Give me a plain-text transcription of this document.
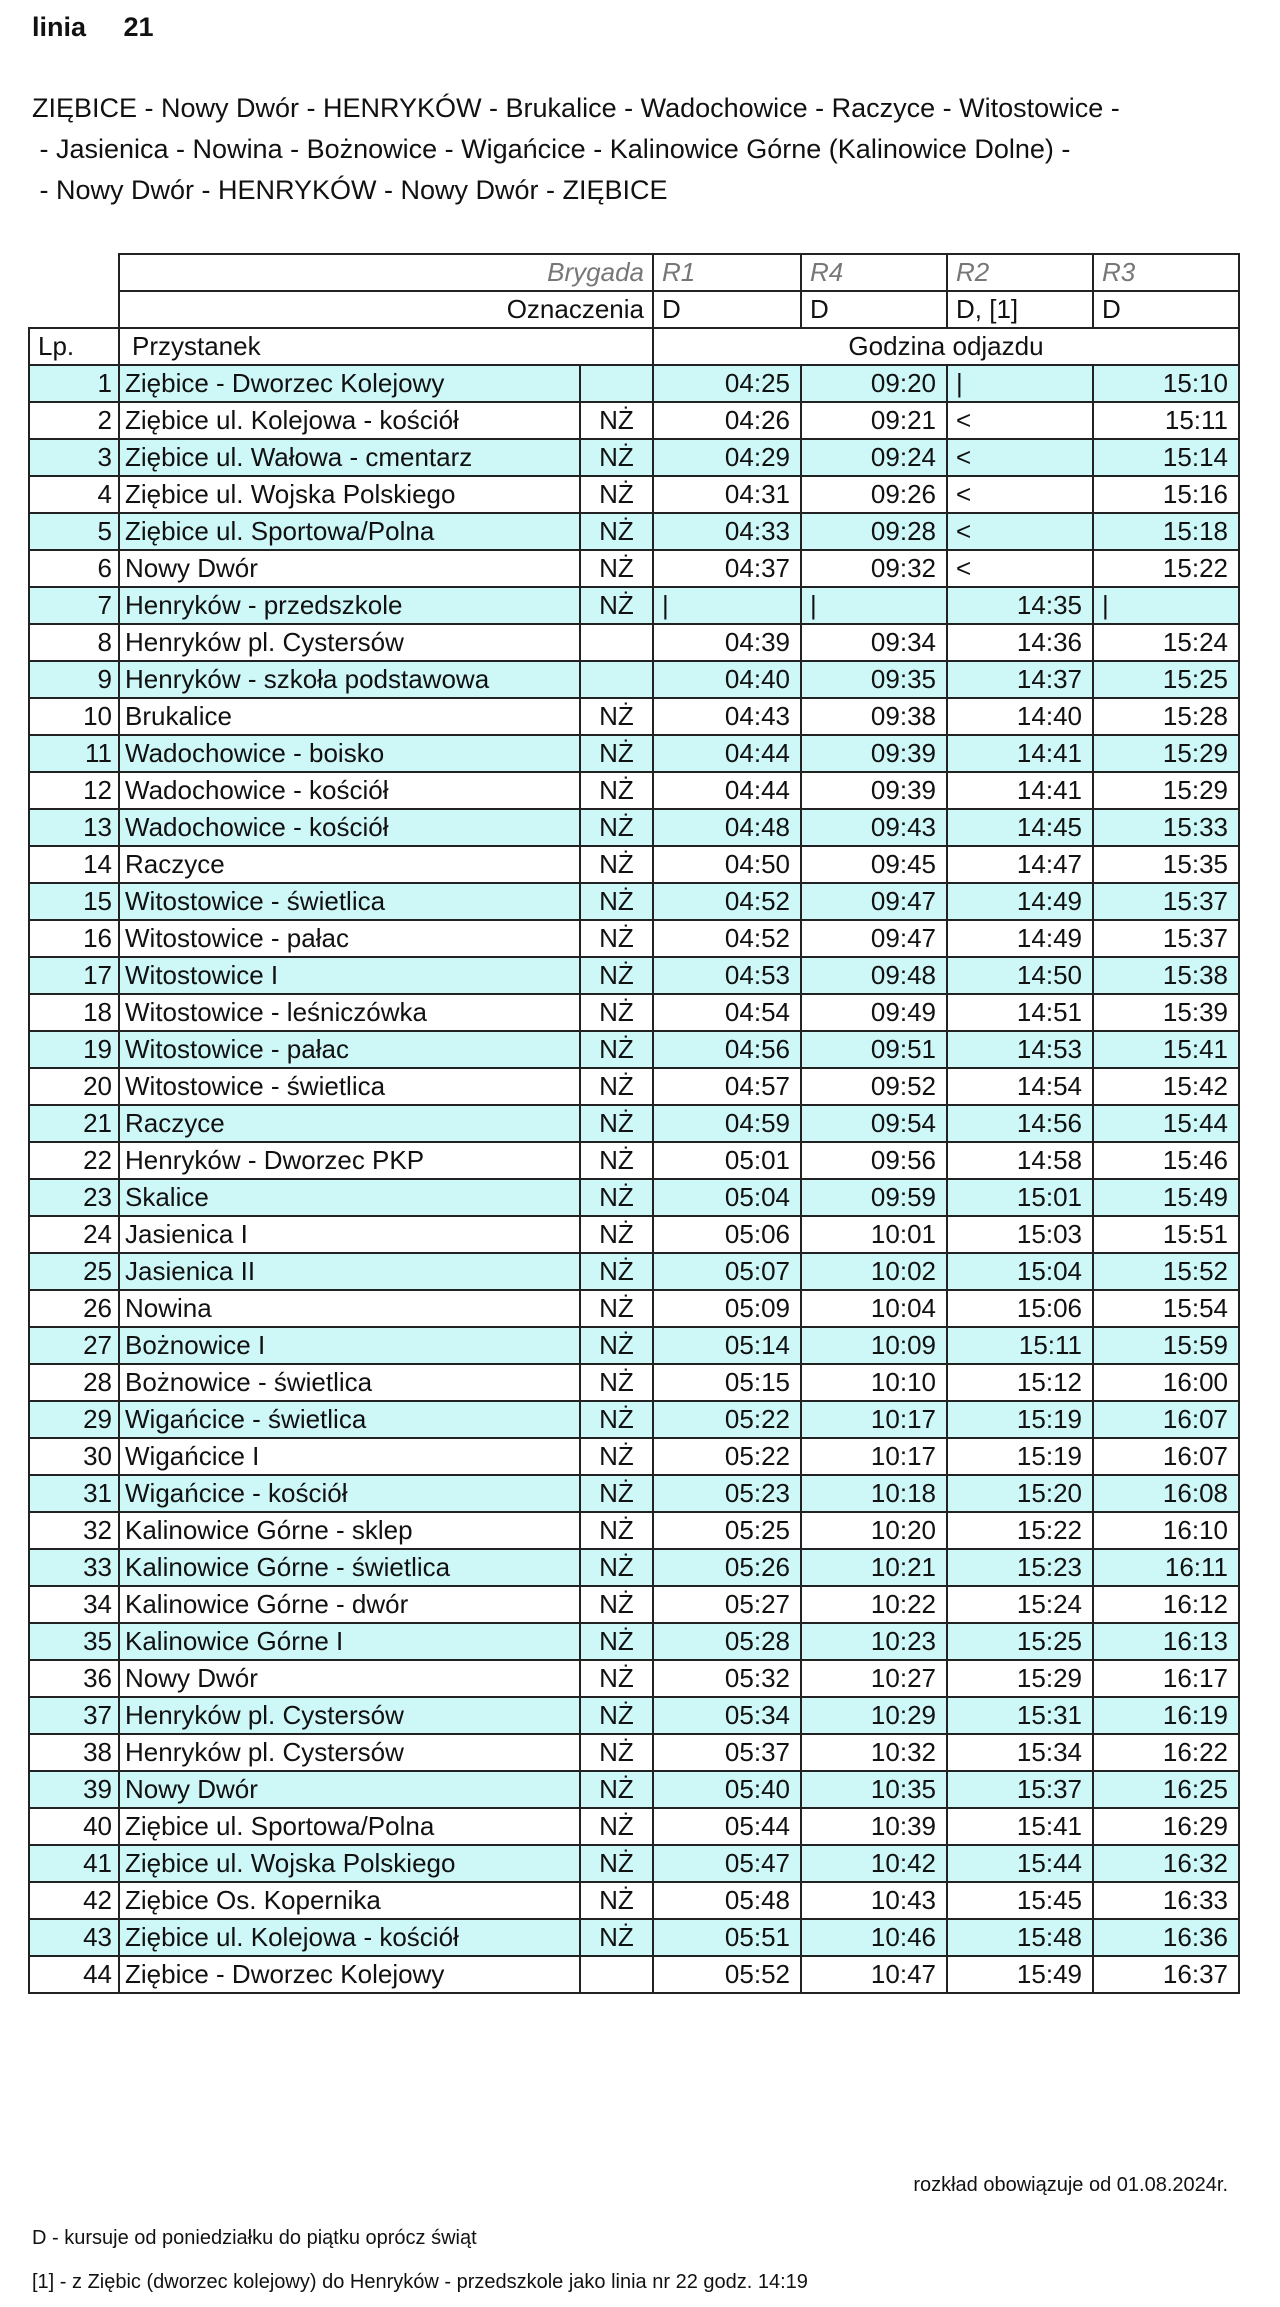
linia 21
ZIĘBICE - Nowy Dwór - HENRYKÓW - Brukalice - Wadochowice - Raczyce - Witostowice -
- Jasienica - Nowina - Bożnowice - Wigańcice - Kalinowice Górne (Kalinowice Dolne) -
- Nowy Dwór - HENRYKÓW - Nowy Dwór - ZIĘBICE
	Brygada		R1	R4	R2	R3
	Oznaczenia		D	D	D, [1]	D
Lp.	Przystanek		Godzina odjazdu			
1	Ziębice - Dworzec Kolejowy		04:25	09:20	|	15:10
2	Ziębice ul. Kolejowa - kościół	NŻ	04:26	09:21	<	15:11
3	Ziębice ul. Wałowa - cmentarz	NŻ	04:29	09:24	<	15:14
4	Ziębice ul. Wojska Polskiego	NŻ	04:31	09:26	<	15:16
5	Ziębice ul. Sportowa/Polna	NŻ	04:33	09:28	<	15:18
6	Nowy Dwór	NŻ	04:37	09:32	<	15:22
7	Henryków - przedszkole	NŻ	|	|	14:35	|
8	Henryków pl. Cystersów		04:39	09:34	14:36	15:24
9	Henryków - szkoła podstawowa		04:40	09:35	14:37	15:25
10	Brukalice	NŻ	04:43	09:38	14:40	15:28
11	Wadochowice - boisko	NŻ	04:44	09:39	14:41	15:29
12	Wadochowice - kościół	NŻ	04:44	09:39	14:41	15:29
13	Wadochowice - kościół	NŻ	04:48	09:43	14:45	15:33
14	Raczyce	NŻ	04:50	09:45	14:47	15:35
15	Witostowice - świetlica	NŻ	04:52	09:47	14:49	15:37
16	Witostowice - pałac	NŻ	04:52	09:47	14:49	15:37
17	Witostowice I	NŻ	04:53	09:48	14:50	15:38
18	Witostowice - leśniczówka	NŻ	04:54	09:49	14:51	15:39
19	Witostowice - pałac	NŻ	04:56	09:51	14:53	15:41
20	Witostowice - świetlica	NŻ	04:57	09:52	14:54	15:42
21	Raczyce	NŻ	04:59	09:54	14:56	15:44
22	Henryków - Dworzec PKP	NŻ	05:01	09:56	14:58	15:46
23	Skalice	NŻ	05:04	09:59	15:01	15:49
24	Jasienica I	NŻ	05:06	10:01	15:03	15:51
25	Jasienica II	NŻ	05:07	10:02	15:04	15:52
26	Nowina	NŻ	05:09	10:04	15:06	15:54
27	Bożnowice I	NŻ	05:14	10:09	15:11	15:59
28	Bożnowice - świetlica	NŻ	05:15	10:10	15:12	16:00
29	Wigańcice - świetlica	NŻ	05:22	10:17	15:19	16:07
30	Wigańcice I	NŻ	05:22	10:17	15:19	16:07
31	Wigańcice - kościół	NŻ	05:23	10:18	15:20	16:08
32	Kalinowice Górne - sklep	NŻ	05:25	10:20	15:22	16:10
33	Kalinowice Górne - świetlica	NŻ	05:26	10:21	15:23	16:11
34	Kalinowice Górne - dwór	NŻ	05:27	10:22	15:24	16:12
35	Kalinowice Górne I	NŻ	05:28	10:23	15:25	16:13
36	Nowy Dwór	NŻ	05:32	10:27	15:29	16:17
37	Henryków pl. Cystersów	NŻ	05:34	10:29	15:31	16:19
38	Henryków pl. Cystersów	NŻ	05:37	10:32	15:34	16:22
39	Nowy Dwór	NŻ	05:40	10:35	15:37	16:25
40	Ziębice ul. Sportowa/Polna	NŻ	05:44	10:39	15:41	16:29
41	Ziębice ul. Wojska Polskiego	NŻ	05:47	10:42	15:44	16:32
42	Ziębice Os. Kopernika	NŻ	05:48	10:43	15:45	16:33
43	Ziębice ul. Kolejowa - kościół	NŻ	05:51	10:46	15:48	16:36
44	Ziębice - Dworzec Kolejowy		05:52	10:47	15:49	16:37
rozkład obowiązuje od 01.08.2024r.
D - kursuje od poniedziałku do piątku oprócz świąt
[1] - z Ziębic (dworzec kolejowy) do Henryków - przedszkole jako linia nr 22 godz. 14:19
